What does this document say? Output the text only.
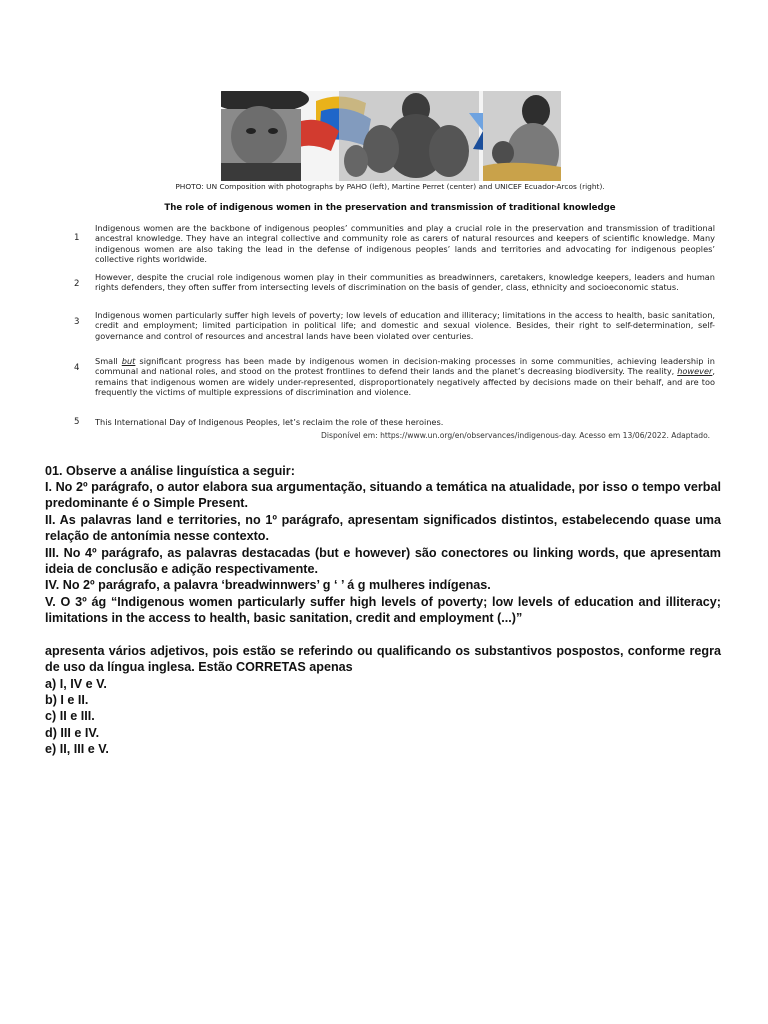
PHOTO: UN Composition with photographs by PAHO (left), Martine Perret (center) and UNICEF Ecuador-Arcos (right).
The role of indigenous women in the preservation and transmission of traditional knowledge
1
Indigenous women are the backbone of indigenous peoples’ communities and play a crucial role in the preservation and transmission of traditional ancestral knowledge. They have an integral collective and community role as carers of natural resources and keepers of scientific knowledge. Many indigenous women are also taking the lead in the defense of indigenous peoples’ lands and territories and advocating for indigenous peoples’ collective rights worldwide.
2
However, despite the crucial role indigenous women play in their communities as breadwinners, caretakers, knowledge keepers, leaders and human rights defenders, they often suffer from intersecting levels of discrimination on the basis of gender, class, ethnicity and socioeconomic status.
3
Indigenous women particularly suffer high levels of poverty; low levels of education and illiteracy; limitations in the access to health, basic sanitation, credit and employment; limited participation in political life; and domestic and sexual violence. Besides, their right to self-determination, self-governance and control of resources and ancestral lands have been violated over centuries.
4
Small but significant progress has been made by indigenous women in decision-making processes in some communities, achieving leadership in communal and national roles, and stood on the protest frontlines to defend their lands and the planet’s decreasing biodiversity. The reality, however, remains that indigenous women are widely under-represented, disproportionately negatively affected by decisions made on their behalf, and are too frequently the victims of multiple expressions of discrimination and violence.
5 This International Day of Indigenous Peoples, let’s reclaim the role of these heroines.
Disponível em: https://www.un.org/en/observances/indigenous-day. Acesso em 13/06/2022. Adaptado.
01. Observe a análise linguística a seguir:
I. No 2º parágrafo, o autor elabora sua argumentação, situando a temática na atualidade, por isso o tempo verbal predominante é o Simple Present.
II. As palavras land e territories, no 1º parágrafo, apresentam significados distintos, estabelecendo quase uma relação de antonímia nesse contexto.
III. No 4º parágrafo, as palavras destacadas (but e however) são conectores ou linking words, que apresentam ideia de conclusão e adição respectivamente.
IV. No 2º parágrafo, a palavra ‘breadwinnwers’ g ‘ ’ á g mulheres indígenas.
V. O 3º ág “Indigenous women particularly suffer high levels of poverty; low levels of education and illiteracy; limitations in the access to health, basic sanitation, credit and employment (...)”
apresenta vários adjetivos, pois estão se referindo ou qualificando os substantivos pospostos, conforme regra de uso da língua inglesa. Estão CORRETAS apenas
a) I, IV e V.
b) I e II.
c) II e III.
d) III e IV.
e) II, III e V.
